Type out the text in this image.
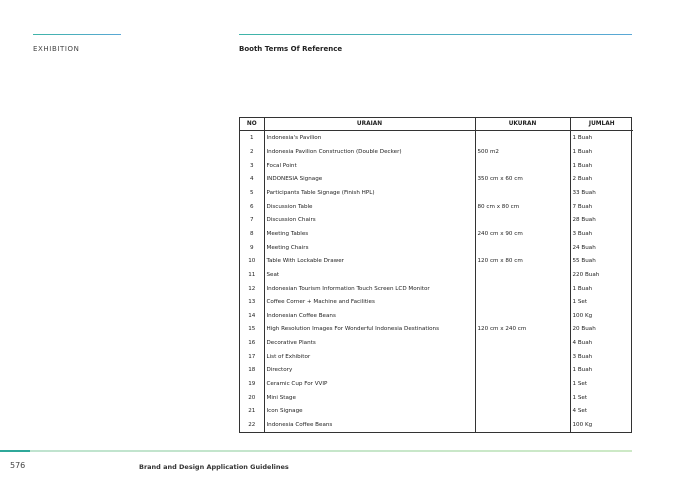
EXHIBITION	Booth Terms Of Reference
NO	URAIAN	UKURAN	JUMLAH
1	Indonesia's Pavilion		1 Buah
2	Indonesia Pavilion Construction (Double Decker)	500 m2	1 Buah
3	Focal Point		1 Buah
4	INDONESIA Signage	350 cm x 60 cm	2 Buah
5	Participants Table Signage (Finish HPL)		33 Buah
6	Discussion Table	80 cm x 80 cm	7 Buah
7	Discussion Chairs		28 Buah
8	Meeting Tables	240 cm x 90 cm	3 Buah
9	Meeting Chairs		24 Buah
10	Table With Lockable Drawer	120 cm x 80 cm	55 Buah
11	Seat		220 Buah
12	Indonesian Tourism Information Touch Screen LCD Monitor		1 Buah
13	Coffee Corner + Machine and Facilities		1 Set
14	Indonesian Coffee Beans		100 Kg
15	High Resolution Images For Wonderful Indonesia Destinations	120 cm x 240 cm	20 Buah
16	Decorative Plants		4 Buah
17	List of Exhibitor		3 Buah
18	Directory		1 Buah
19	Ceramic Cup For VVIP		1 Set
20	Mini Stage		1 Set
21	Icon Signage		4 Set
22	Indonesia Coffee Beans		100 Kg
576	Brand and Design Application Guidelines
